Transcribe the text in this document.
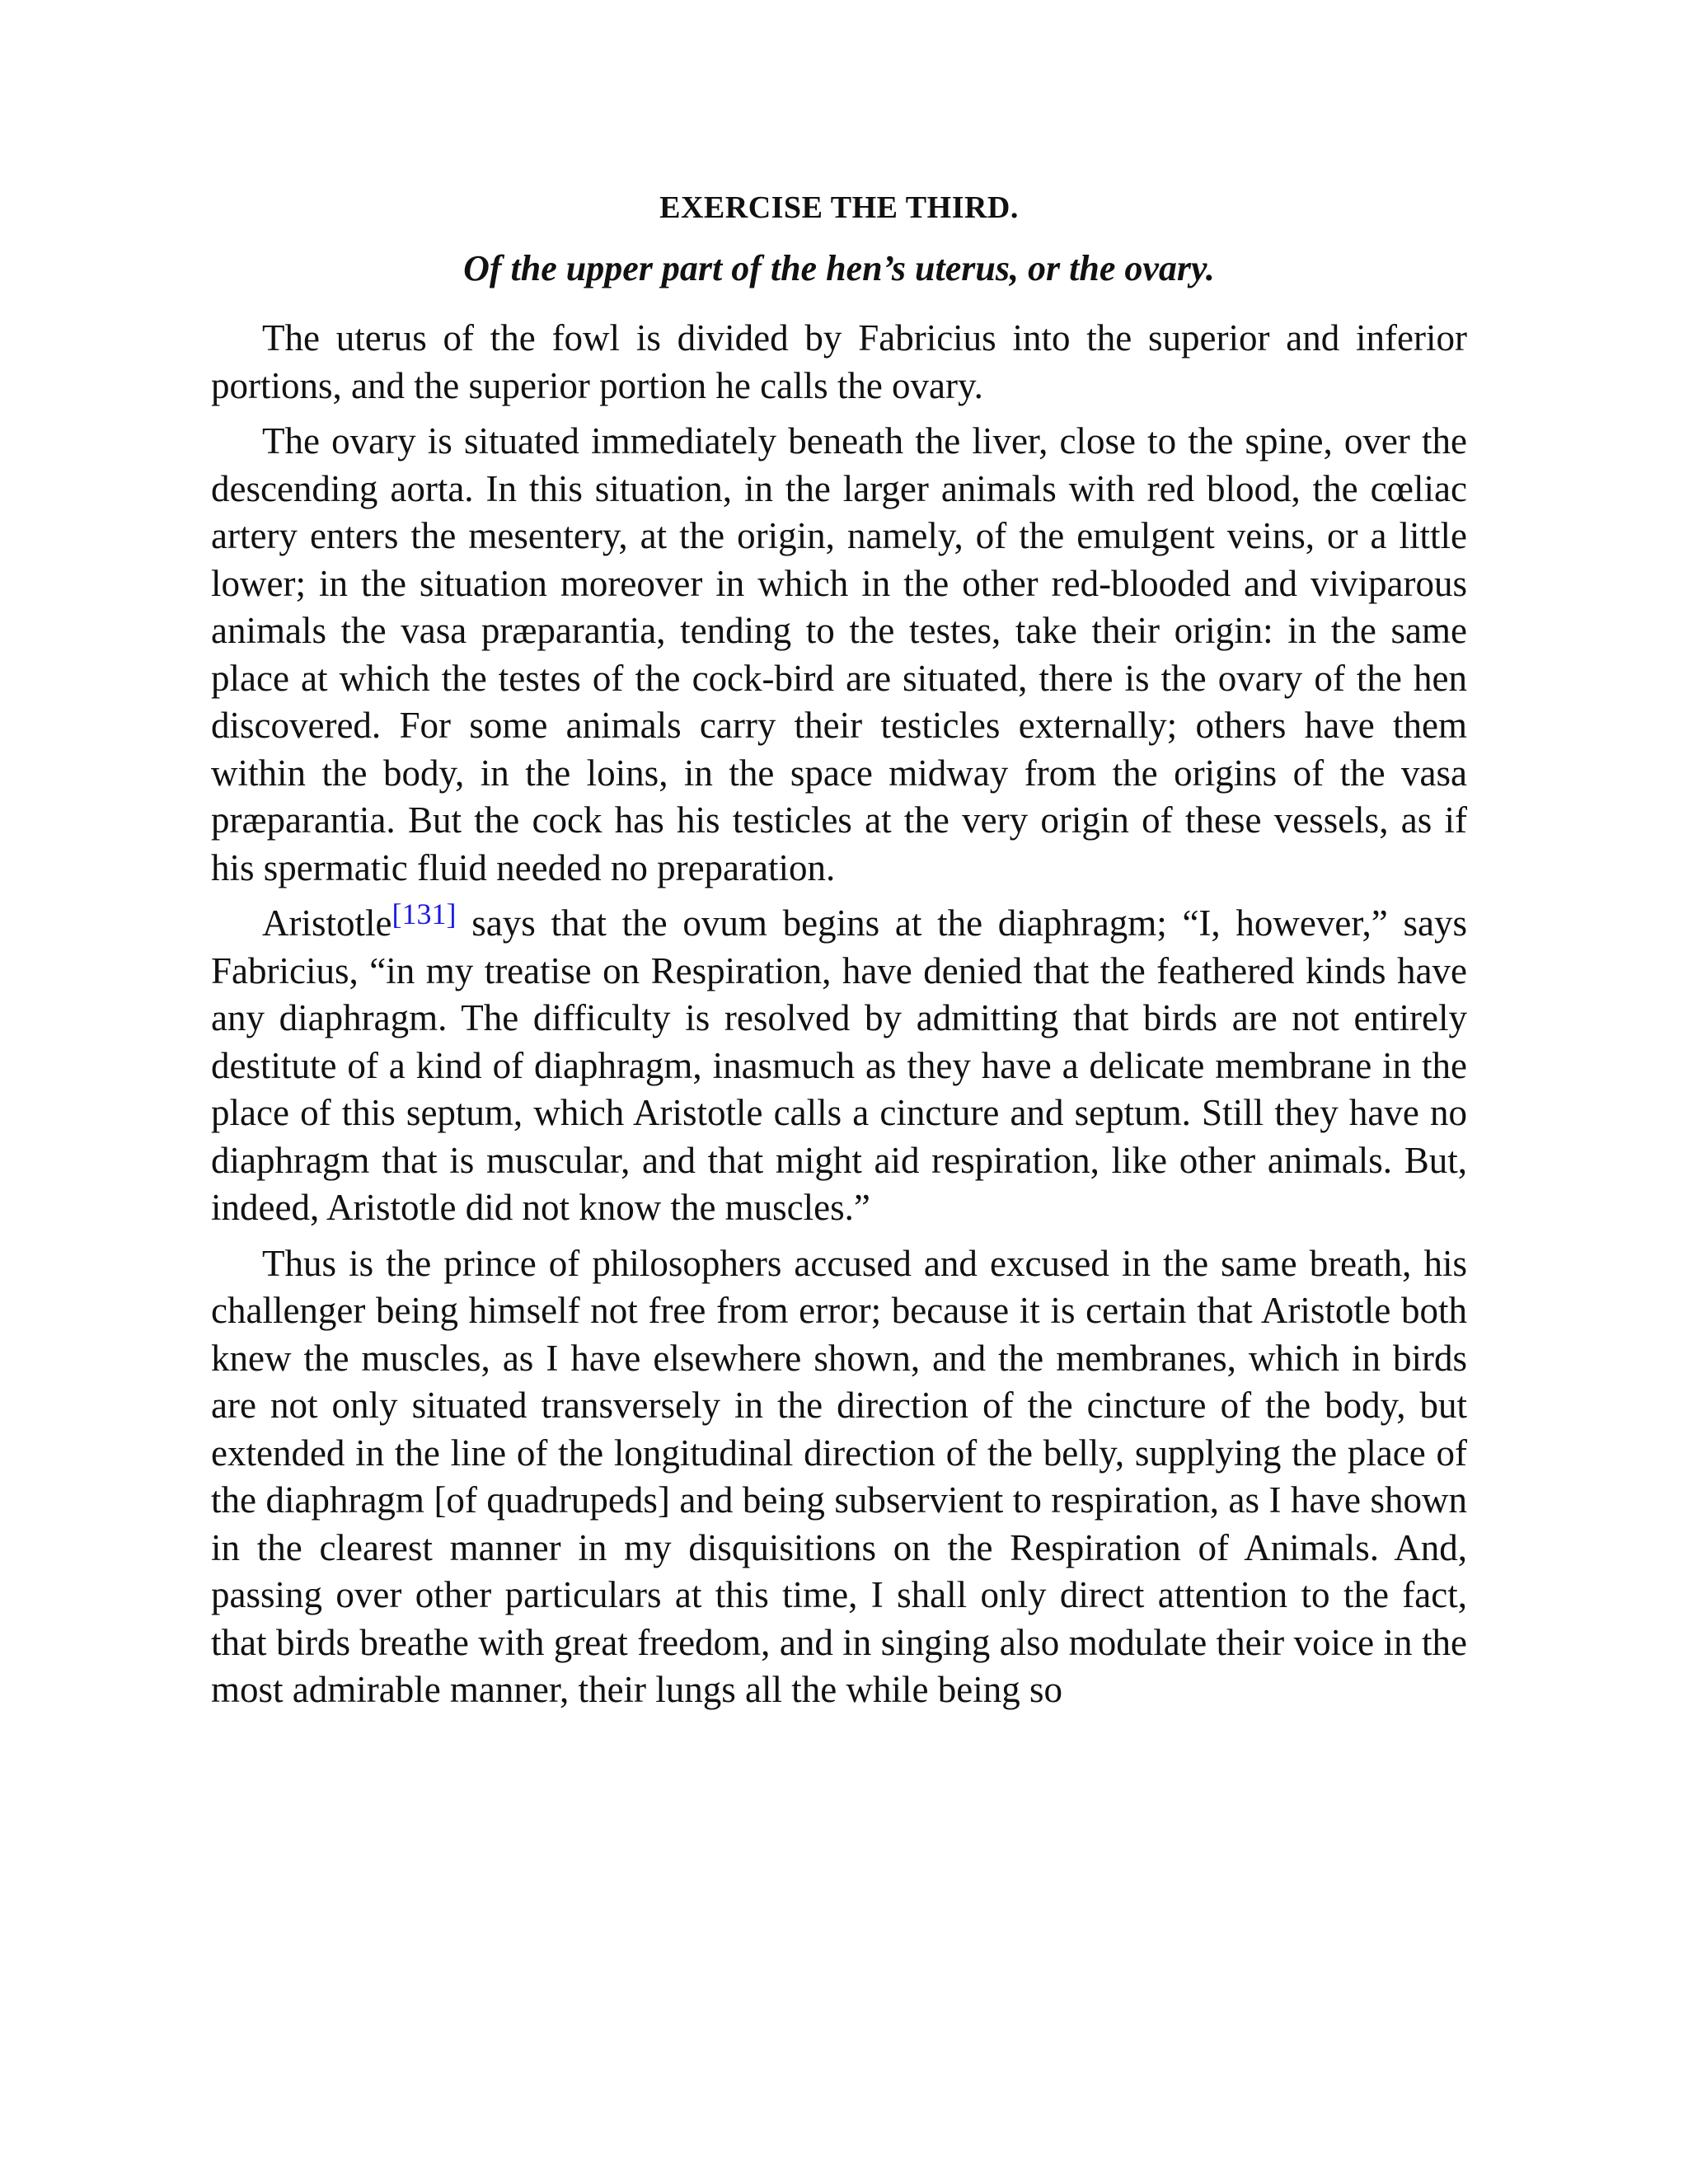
EXERCISE THE THIRD.
Of the upper part of the hen’s uterus, or the ovary.

The uterus of the fowl is divided by Fabricius into the superior and inferior portions, and the superior portion he calls the ovary.

The ovary is situated immediately beneath the liver, close to the spine, over the descending aorta. In this situation, in the larger animals with red blood, the cœliac artery enters the mesentery, at the origin, namely, of the emulgent veins, or a little lower; in the situation moreover in which in the other red-blooded and viviparous animals the vasa præparantia, tending to the testes, take their origin: in the same place at which the testes of the cock-bird are situated, there is the ovary of the hen discovered. For some animals carry their testicles externally; others have them within the body, in the loins, in the space midway from the origins of the vasa præparantia. But the cock has his testicles at the very origin of these vessels, as if his spermatic fluid needed no preparation.

Aristotle[131] says that the ovum begins at the diaphragm; “I, however,” says Fabricius, “in my treatise on Respiration, have denied that the feathered kinds have any diaphragm. The difficulty is resolved by admitting that birds are not entirely destitute of a kind of diaphragm, inasmuch as they have a delicate membrane in the place of this septum, which Aristotle calls a cincture and septum. Still they have no diaphragm that is muscular, and that might aid respiration, like other animals. But, indeed, Aristotle did not know the muscles.”

Thus is the prince of philosophers accused and excused in the same breath, his challenger being himself not free from error; because it is certain that Aristotle both knew the muscles, as I have elsewhere shown, and the membranes, which in birds are not only situated transversely in the direction of the cincture of the body, but extended in the line of the longitudinal direction of the belly, supplying the place of the diaphragm [of quadrupeds] and being subservient to respiration, as I have shown in the clearest manner in my disquisitions on the Respiration of Animals. And, passing over other particulars at this time, I shall only direct attention to the fact, that birds breathe with great freedom, and in singing also modulate their voice in the most admirable manner, their lungs all the while being so
